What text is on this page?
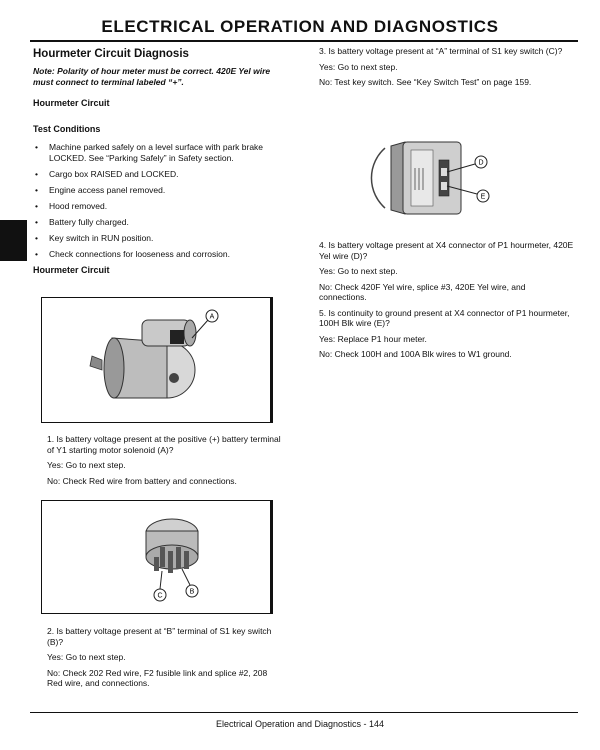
ELECTRICAL OPERATION AND DIAGNOSTICS
Hourmeter Circuit Diagnosis
Note: Polarity of hour meter must be correct. 420E Yel wire must connect to terminal labeled “+”.
Hourmeter Circuit
Test Conditions
• Machine parked safely on a level surface with park brake LOCKED. See “Parking Safely” in Safety section.
• Cargo box RAISED and LOCKED.
• Engine access panel removed.
• Hood removed.
• Battery fully charged.
• Key switch in RUN position.
• Check connections for looseness and corrosion.
Hourmeter Circuit
A

1. Is battery voltage present at the positive (+) battery terminal of Y1 starting motor solenoid (A)?

Yes: Go to next step.

No: Check Red wire from battery and connections.

C
B

2. Is battery voltage present at “B” terminal of S1 key switch (B)?

Yes: Go to next step.

No: Check 202 Red wire, F2 fusible link and splice #2, 208 Red wire, and connections.

3. Is battery voltage present at “A” terminal of S1 key switch (C)?

Yes: Go to next step.

No: Test key switch. See “Key Switch Test” on page 159.

D
E

4. Is battery voltage present at X4 connector of P1 hourmeter, 420E Yel wire (D)?

Yes: Go to next step.

No: Check 420F Yel wire, splice #3, 420E Yel wire, and connections.

5. Is continuity to ground present at X4 connector of P1 hourmeter, 100H Blk wire (E)?

Yes: Replace P1 hour meter.

No: Check 100H and 100A Blk wires to W1 ground.

Electrical Operation and Diagnostics - 144
